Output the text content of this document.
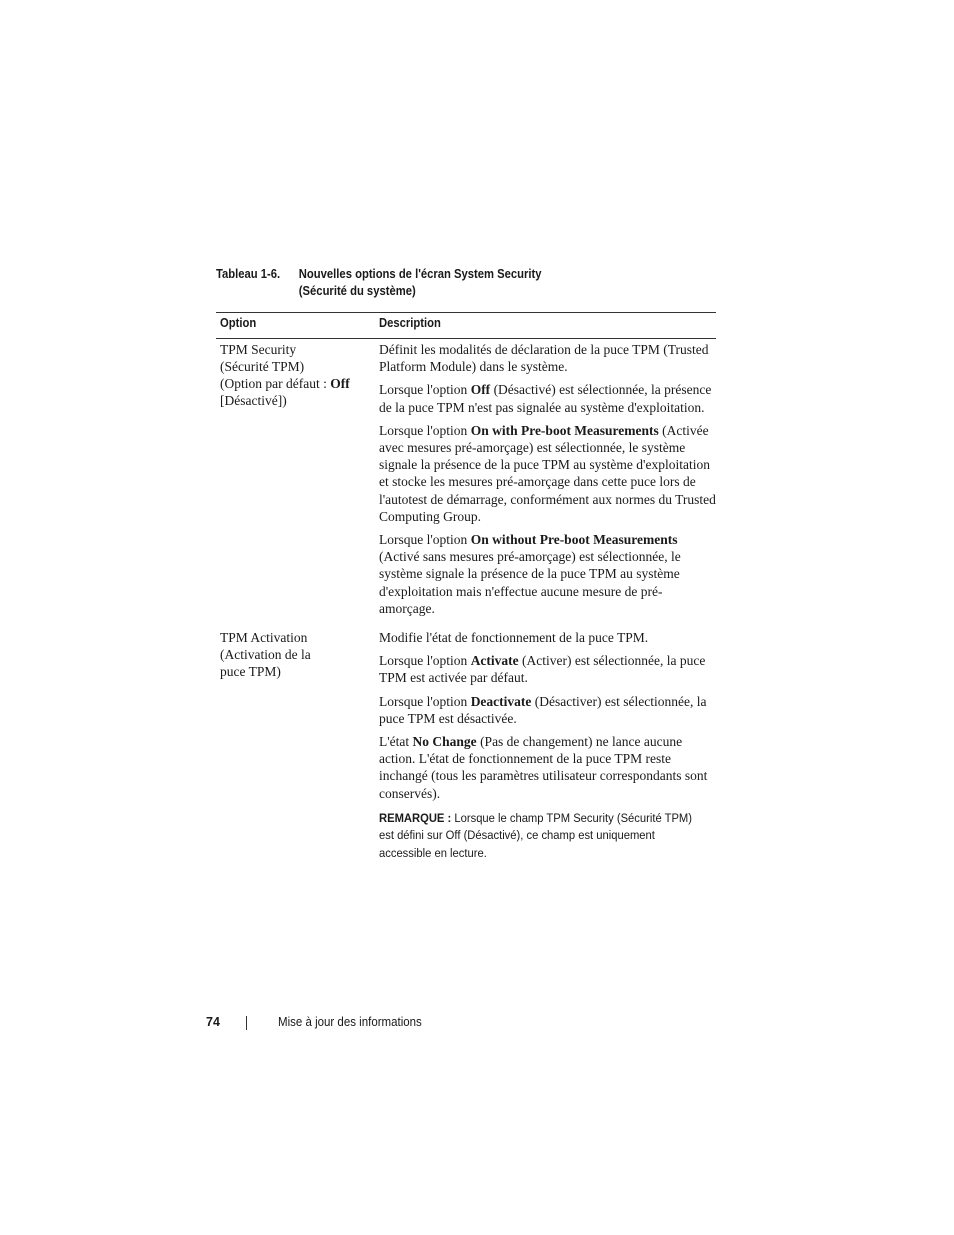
Tableau 1-6. Nouvelles options de l'écran System Security
(Sécurité du système)
Option	Description
TPM Security
(Sécurité TPM)
(Option par défaut : Off
[Désactivé])

Définit les modalités de déclaration de la puce TPM (Trusted Platform Module) dans le système.

Lorsque l'option Off (Désactivé) est sélectionnée, la présence de la puce TPM n'est pas signalée au système d'exploitation.

Lorsque l'option On with Pre-boot Measurements (Activée avec mesures pré-amorçage) est sélectionnée, le système signale la présence de la puce TPM au système d'exploitation et stocke les mesures pré-amorçage dans cette puce lors de l'autotest de démarrage, conformément aux normes du Trusted Computing Group.

Lorsque l'option On without Pre-boot Measurements (Activé sans mesures pré-amorçage) est sélectionnée, le système signale la présence de la puce TPM au système d'exploitation mais n'effectue aucune mesure de pré-amorçage.

TPM Activation
(Activation de la
puce TPM)

Modifie l'état de fonctionnement de la puce TPM.

Lorsque l'option Activate (Activer) est sélectionnée, la puce TPM est activée par défaut.

Lorsque l'option Deactivate (Désactiver) est sélectionnée, la puce TPM est désactivée.

L'état No Change (Pas de changement) ne lance aucune action. L'état de fonctionnement de la puce TPM reste inchangé (tous les paramètres utilisateur correspondants sont conservés).

REMARQUE : Lorsque le champ TPM Security (Sécurité TPM) est défini sur Off (Désactivé), ce champ est uniquement accessible en lecture.
74	Mise à jour des informations
